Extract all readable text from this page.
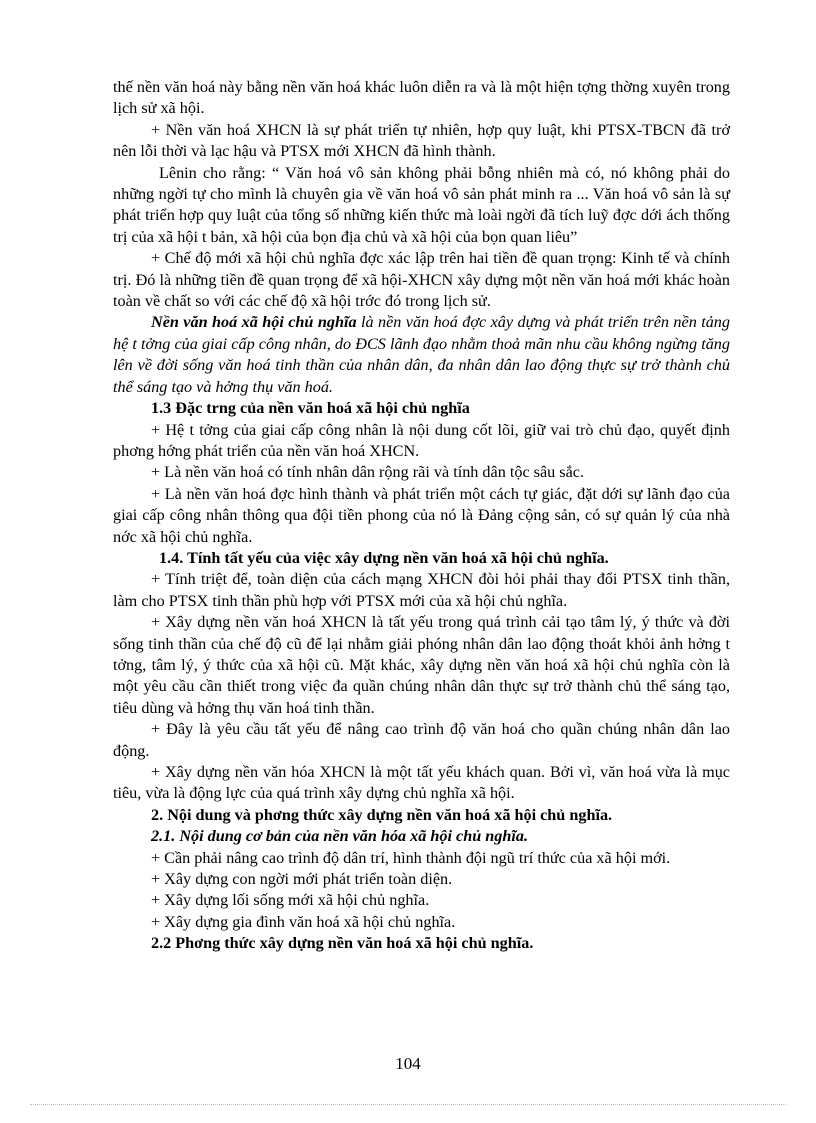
thế nền văn hoá này bằng nền văn hoá khác luôn diễn ra và là một hiện tợng thờng xuyên trong lịch sử xã hội.

+ Nền văn hoá XHCN là sự phát triển tự nhiên, hợp quy luật, khi PTSX-TBCN đã trở nên lỗi thời và lạc hậu và PTSX mới XHCN đã hình thành.

Lênin cho rằng: “ Văn hoá vô sản không phải bỗng nhiên mà có, nó không phải do những ngời tự cho mình là chuyên gia về văn hoá vô sản phát minh ra ... Văn hoá vô sản là sự phát triển hợp quy luật của tổng số những kiến thức mà loài ngời đã tích luỹ đợc dới ách thống trị của xã hội t bản, xã hội của bọn địa chủ và xã hội của bọn quan liêu”

+ Chế độ mới xã hội chủ nghĩa đợc xác lập trên hai tiền đề quan trọng: Kinh tế và chính trị. Đó là những tiền đề quan trọng để xã hội-XHCN xây dựng một nền văn hoá mới khác hoàn toàn về chất so với các chế độ xã hội trớc đó trong lịch sử.

Nền văn hoá xã hội chủ nghĩa là nền văn hoá đợc xây dựng và phát triển trên nền tảng hệ t tởng của giai cấp công nhân, do ĐCS lãnh đạo nhằm thoả mãn nhu cầu không ngừng tăng lên về đời sống văn hoá tinh thần của nhân dân, đa nhân dân lao động thực sự trở thành chủ thể sáng tạo và hởng thụ văn hoá.

1.3 Đặc trng của nền văn hoá xã hội chủ nghĩa

+ Hệ t tởng của giai cấp công nhân là nội dung cốt lõi, giữ vai trò chủ đạo, quyết định phơng hớng phát triển của nền văn hoá XHCN.

+ Là nền văn hoá có tính nhân dân rộng rãi và tính dân tộc sâu sắc.

+ Là nền văn hoá đợc hình thành và phát triển một cách tự giác, đặt dới sự lãnh đạo của giai cấp công nhân thông qua đội tiền phong của nó là Đảng cộng sản, có sự quản lý của nhà nớc xã hội chủ nghĩa.

1.4. Tính tất yếu của việc xây dựng nền văn hoá xã hội chủ nghĩa.

+ Tính triệt để, toàn diện của cách mạng XHCN đòi hỏi phải thay đổi PTSX tinh thần, làm cho PTSX tinh thần phù hợp với PTSX mới của xã hội chủ nghĩa.

+ Xây dựng nền văn hoá XHCN là tất yếu trong quá trình cải tạo tâm lý, ý thức và đời sống tinh thần của chế độ cũ để lại nhằm giải phóng nhân dân lao động thoát khỏi ảnh hởng t tởng, tâm lý, ý thức của xã hội cũ. Mặt khác, xây dựng nền văn hoá xã hội chủ nghĩa còn là một yêu cầu cần thiết trong việc đa quần chúng nhân dân thực sự trở thành chủ thể sáng tạo, tiêu dùng và hởng thụ văn hoá tinh thần.

+ Đây là yêu cầu tất yếu để nâng cao trình độ văn hoá cho quần chúng nhân dân lao động.

+ Xây dựng nền văn hóa XHCN là một tất yếu khách quan. Bởi vì, văn hoá vừa là mục tiêu, vừa là động lực của quá trình xây dựng chủ nghĩa xã hội.

2. Nội dung và phơng thức xây dựng nền văn hoá xã hội chủ nghĩa.

2.1. Nội dung cơ bản của nền văn hóa xã hội chủ nghĩa.

+ Cần phải nâng cao trình độ dân trí, hình thành đội ngũ trí thức của xã hội mới.

+ Xây dựng con ngời mới phát triển toàn diện.

+ Xây dựng lối sống mới xã hội chủ nghĩa.

+ Xây dựng gia đình văn hoá xã hội chủ nghĩa.

2.2 Phơng thức xây dựng nền văn hoá xã hội chủ nghĩa.

104
